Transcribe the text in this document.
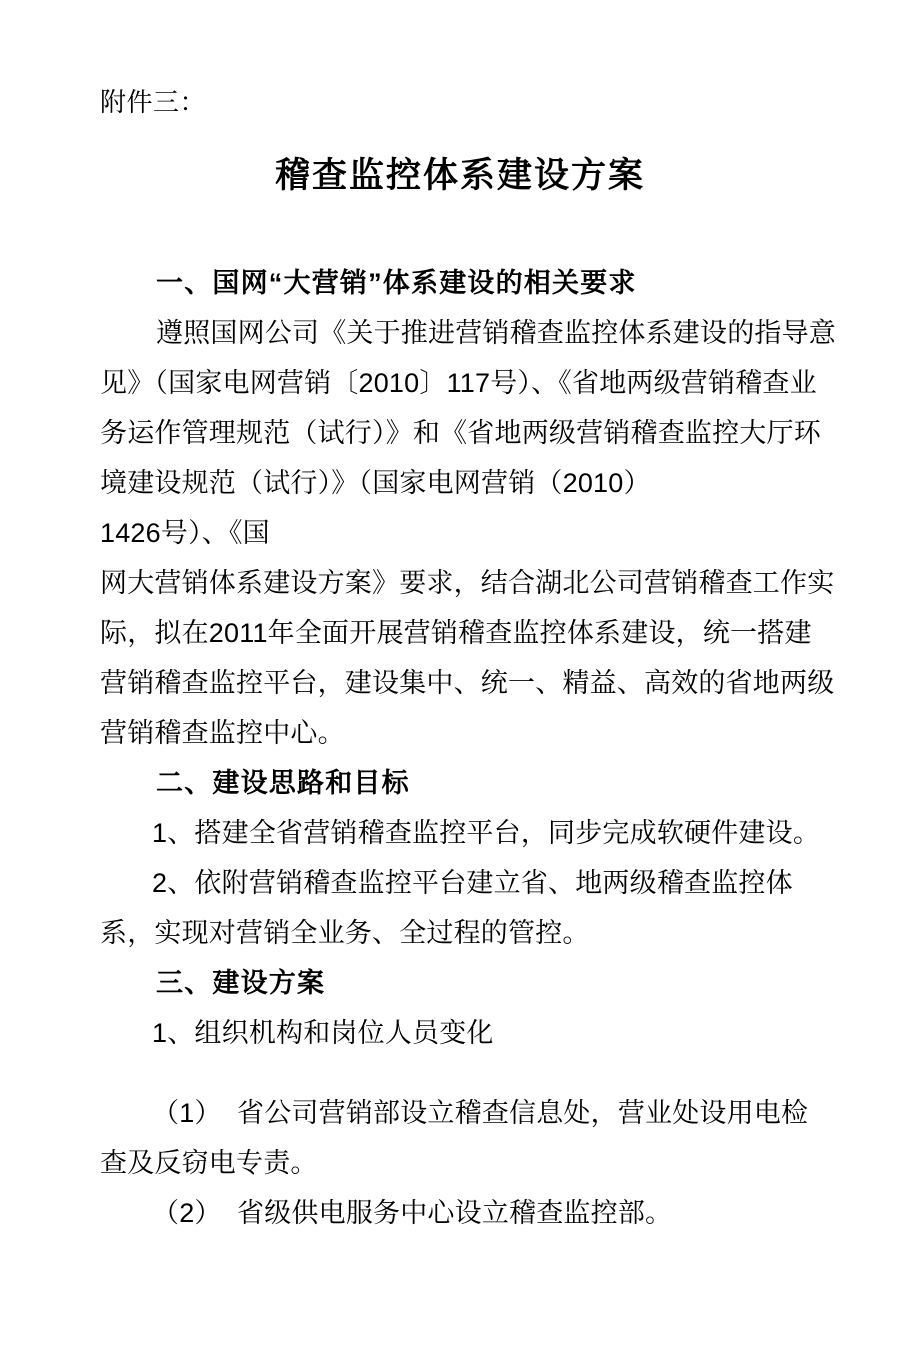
附件三：
稽查监控体系建设方案
一、国网“大营销”体系建设的相关要求
遵照国网公司《关于推进营销稽查监控体系建设的指导意
见》（国家电网营销〔2010〕117号）、《省地两级营销稽查业
务运作管理规范（试行）》和《省地两级营销稽查监控大厅环
境建设规范（试行）》（国家电网营销（2010）
1426号）、《国
网大营销体系建设方案》要求，结合湖北公司营销稽查工作实
际，拟在2011年全面开展营销稽查监控体系建设，统一搭建
营销稽查监控平台，建设集中、统一、精益、高效的省地两级
营销稽查监控中心。
二、建设思路和目标
1、搭建全省营销稽查监控平台，同步完成软硬件建设。
2、依附营销稽查监控平台建立省、地两级稽查监控体
系，实现对营销全业务、全过程的管控。
三、建设方案
1、组织机构和岗位人员变化
（1）  省公司营销部设立稽查信息处，营业处设用电检
查及反窃电专责。
（2）  省级供电服务中心设立稽查监控部。
